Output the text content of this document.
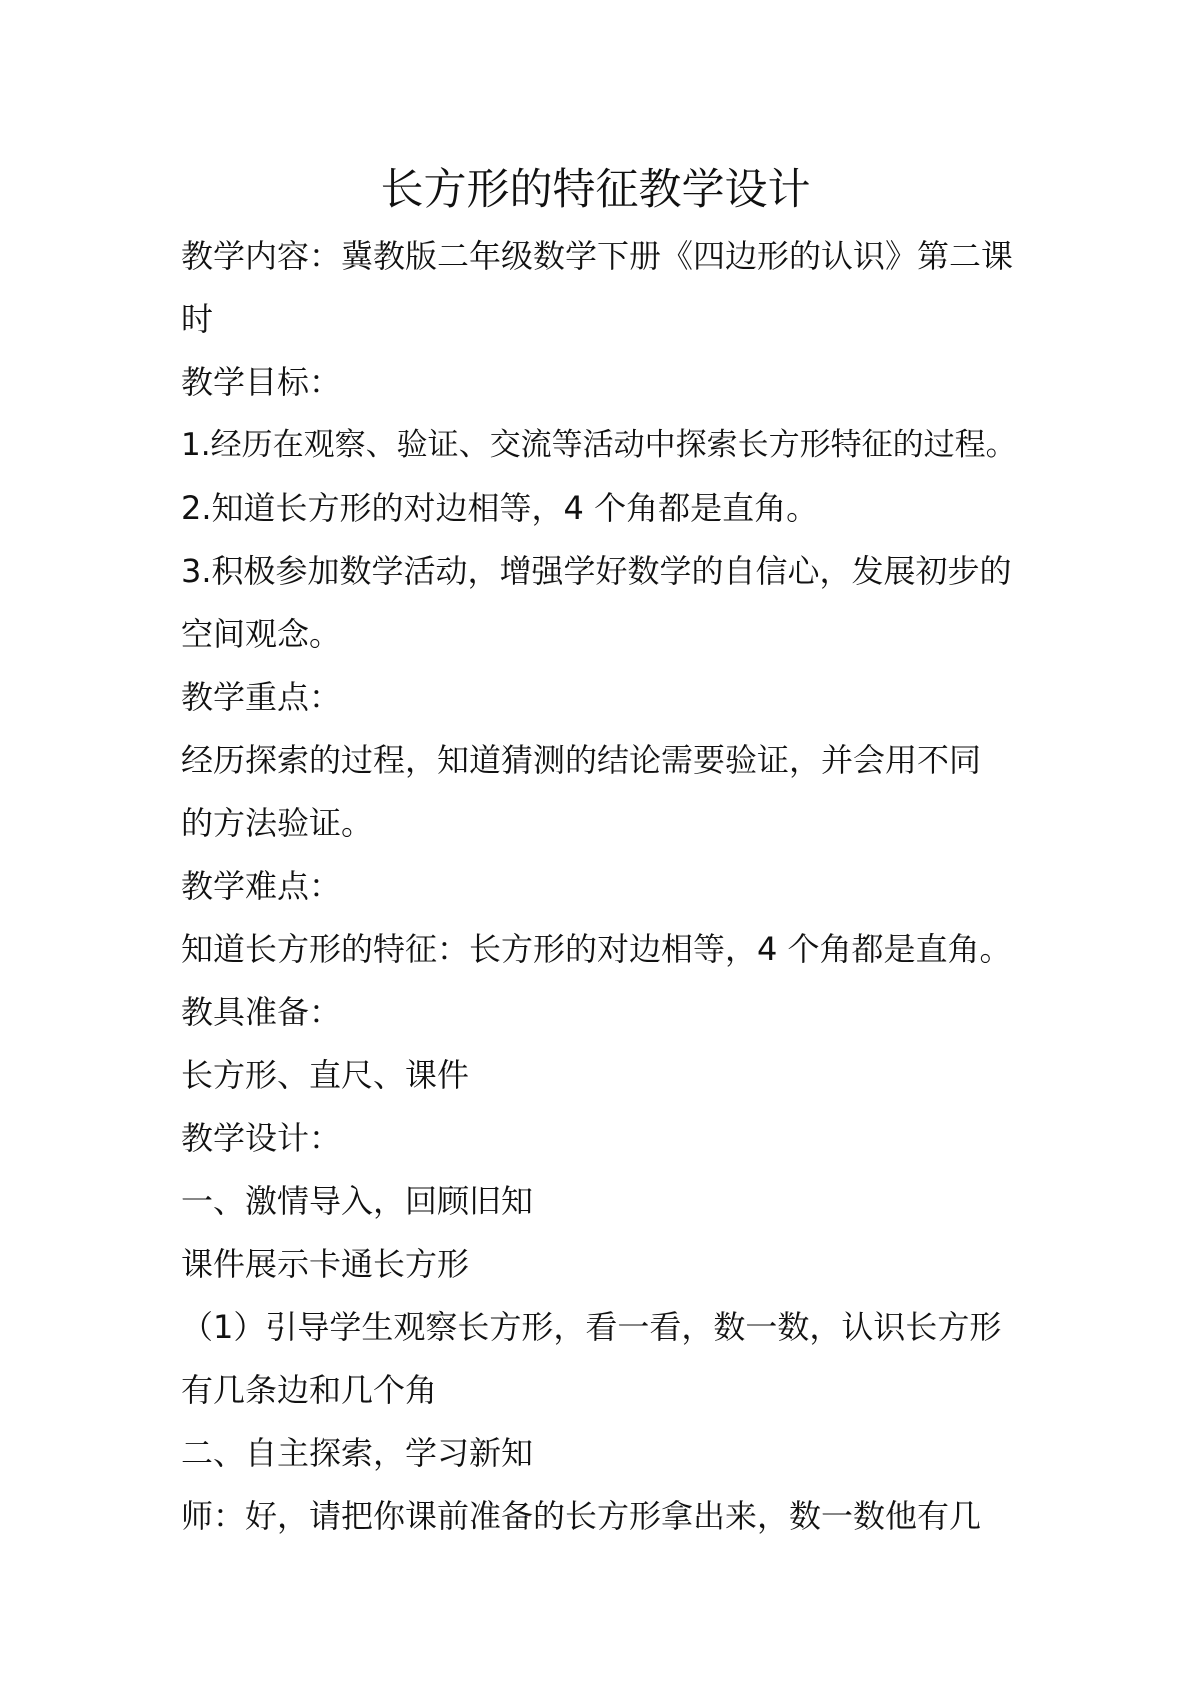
长方形的特征教学设计
教学内容：冀教版二年级数学下册《四边形的认识》第二课
时
教学目标：
1.经历在观察、验证、交流等活动中探索长方形特征的过程。
2.知道长方形的对边相等，4 个角都是直角。
3.积极参加数学活动，增强学好数学的自信心，发展初步的
空间观念。
教学重点：
经历探索的过程，知道猜测的结论需要验证，并会用不同
的方法验证。
教学难点：
知道长方形的特征：长方形的对边相等，4 个角都是直角。
教具准备：
长方形、直尺、课件
教学设计：
一、激情导入，回顾旧知
课件展示卡通长方形
（1）引导学生观察长方形，看一看，数一数，认识长方形
有几条边和几个角
二、自主探索，学习新知
师：好，请把你课前准备的长方形拿出来，数一数他有几
